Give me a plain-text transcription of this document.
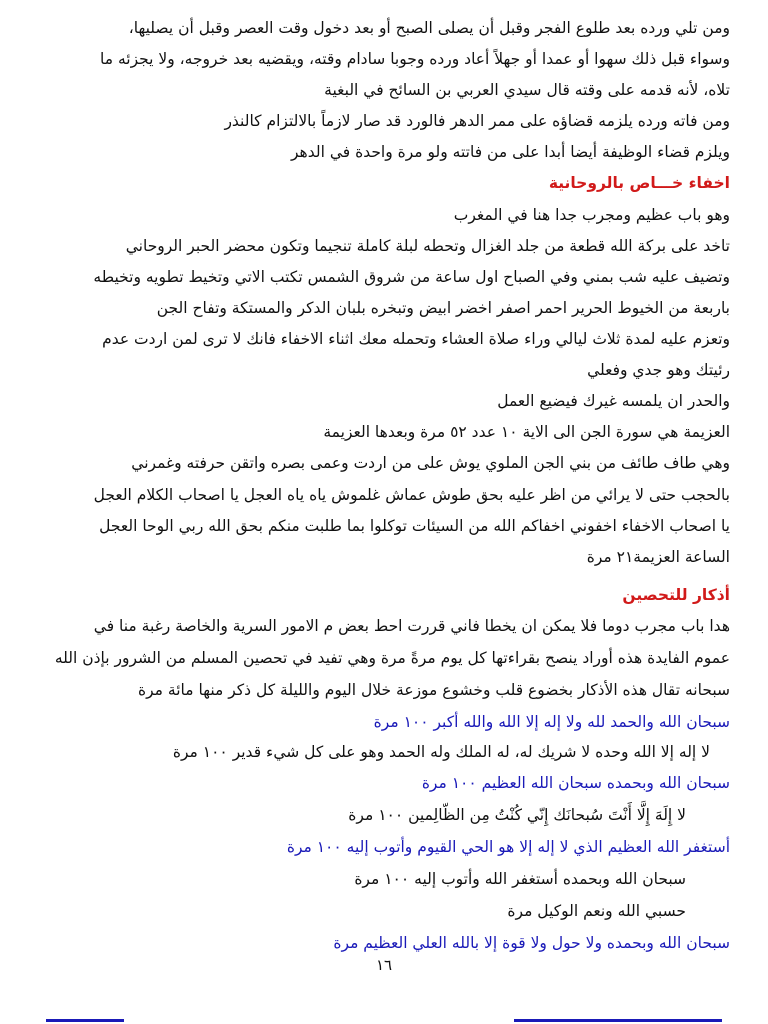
ومن تلي ورده بعد طلوع الفجر وقبل أن يصلى الصبح أو بعد دخول وقت العصر وقبل أن يصليها،
وسواء قبل ذلك سهوا أو عمدا أو جهلاً أعاد ورده وجوبا سادام وقته، ويقضيه بعد خروجه، ولا يجزئه ما
تلاه، لأنه قدمه على وقته قال سيدي العربي بن السائح في البغية
ومن فاته ورده يلزمه قضاؤه على ممر الدهر فالورد قد صار لازماً بالالتزام كالنذر
ويلزم قضاء الوظيفة أيضا أبدا على من فاتته ولو مرة واحدة في الدهر
اخفاء خـــاص بالروحانية
وهو باب عظيم ومجرب جدا هنا في المغرب
تاخد على بركة الله قطعة من جلد الغزال وتحطه لبلة كاملة تنجيما وتكون محضر الحبر الروحاني
وتضيف عليه شب بمني وفي الصباح اول ساعة من شروق الشمس تكتب الاتي وتخيط تطويه وتخيطه
باربعة من الخيوط الحرير احمر اصفر اخضر ابيض وتبخره بلبان الدكر والمستكة وتفاح الجن
وتعزم عليه لمدة ثلاث ليالي وراء صلاة العشاء وتحمله معك اثناء الاخفاء فانك لا ترى لمن اردت عدم
رئيتك وهو جدي وفعلي
والحدر ان يلمسه غيرك فيضيع العمل
العزيمة هي سورة الجن الى الاية ١٠ عدد ٥٢ مرة وبعدها العزيمة
وهي طاف طائف من بني الجن الملوي يوش على من اردت وعمى بصره واتقن حرفته وغمرني
بالحجب حتى لا يرائي من اظر عليه بحق طوش عماش غلموش ياه ياه العجل يا اصحاب الكلام العجل
يا اصحاب الاخفاء اخفوني اخفاكم الله من السيئات توكلوا بما طلبت منكم بحق الله ربي الوحا العجل
الساعة العزيمة٢١ مرة
أذكار للتحصين
هدا باب مجرب دوما فلا يمكن ان يخطا فاني قررت احط بعض م الامور السرية والخاصة رغبة منا في
عموم الفايدة هذه أوراد ينصح بقراءتها كل يوم مرةً مرة وهي تفيد في تحصين المسلم من الشرور بإذن الله
سبحانه تقال هذه الأذكار بخضوع قلب وخشوع موزعة خلال اليوم والليلة كل ذكر منها مائة مرة
سبحان الله والحمد لله ولا إله إلا الله والله أكبر ١٠٠ مرة
لا إله إلا الله وحده لا شريك له، له الملك وله الحمد وهو على كل شيء قدير ١٠٠ مرة
سبحان الله وبحمده سبحان الله العظيم ١٠٠ مرة
لا إِلَهَ إِلَّا أَنْتَ سُبحانَك إِنّي كُنْتُ مِن الظّالِمين ١٠٠ مرة
أستغفر الله العظيم الذي لا إله إلا هو الحي القيوم وأتوب إليه ١٠٠ مرة
سبحان الله وبحمده أستغفر الله وأتوب إليه ١٠٠ مرة
حسبي الله ونعم الوكيل مرة
سبحان الله وبحمده ولا حول ولا قوة إلا بالله العلي العظيم مرة
١٦
